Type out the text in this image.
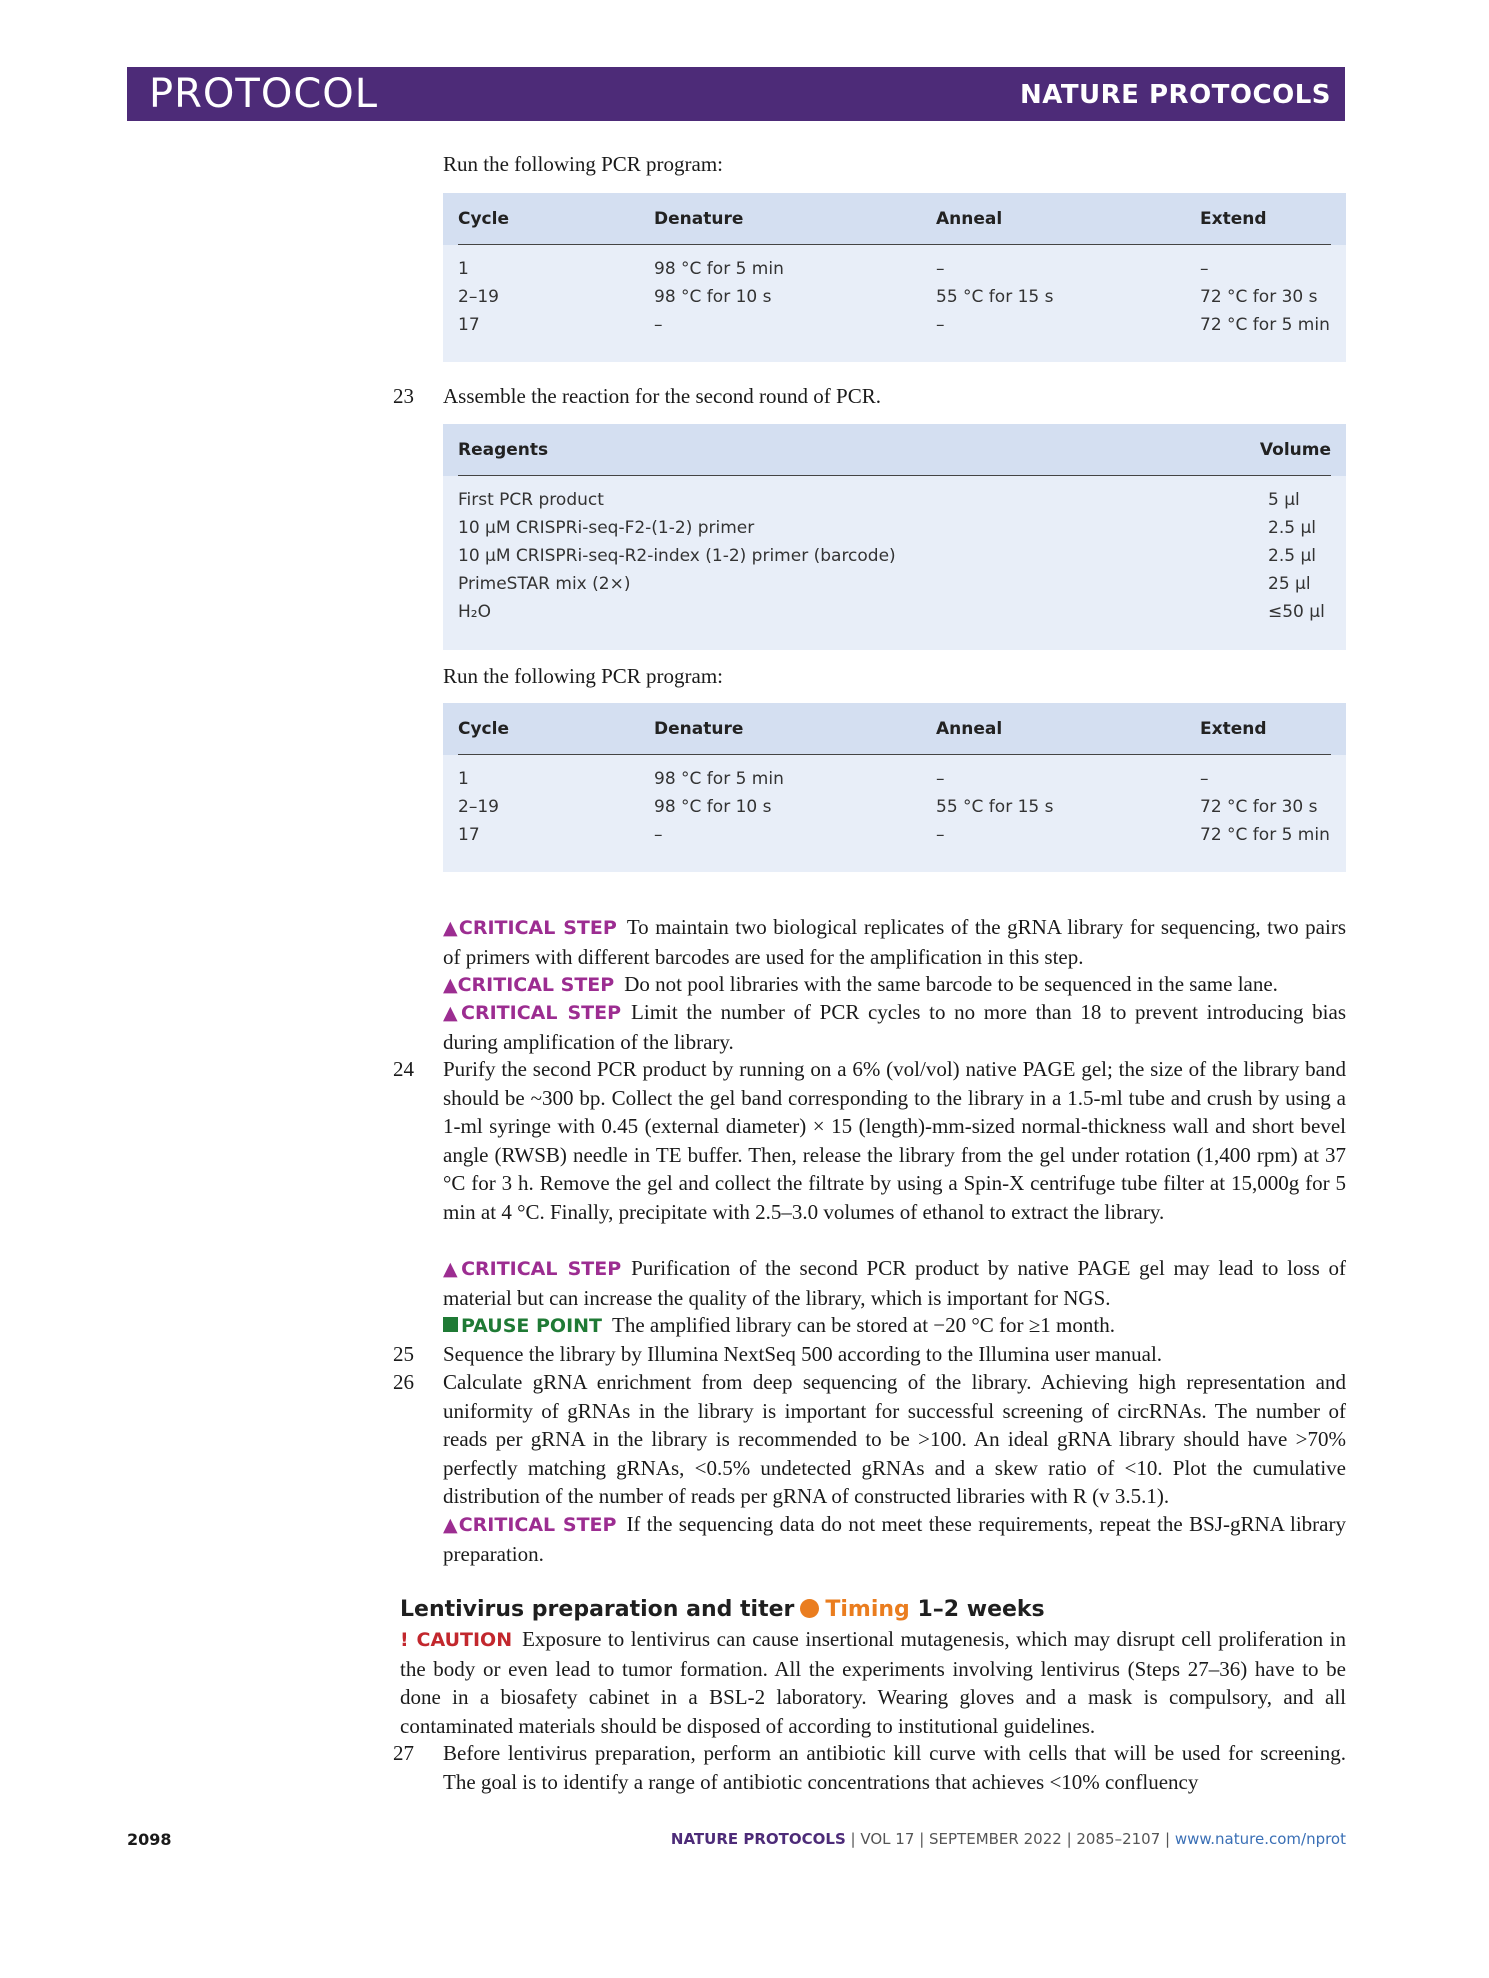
PROTOCOL	NATURE PROTOCOLS
Run the following PCR program:
Cycle	Denature	Anneal	Extend
1	98 °C for 5 min	–	–
2–19	98 °C for 10 s	55 °C for 15 s	72 °C for 30 s
17	–	–	72 °C for 5 min
23	Assemble the reaction for the second round of PCR.
Reagents	Volume
First PCR product	5 µl
10 µM CRISPRi-seq-F2-(1-2) primer	2.5 µl
10 µM CRISPRi-seq-R2-index (1-2) primer (barcode)	2.5 µl
PrimeSTAR mix (2×)	25 µl
H₂O	≤50 µl
Run the following PCR program:
Cycle	Denature	Anneal	Extend
1	98 °C for 5 min	–	–
2–19	98 °C for 10 s	55 °C for 15 s	72 °C for 30 s
17	–	–	72 °C for 5 min
▲CRITICAL STEP To maintain two biological replicates of the gRNA library for sequencing, two pairs of primers with different barcodes are used for the amplification in this step.
▲CRITICAL STEP Do not pool libraries with the same barcode to be sequenced in the same lane.
▲CRITICAL STEP Limit the number of PCR cycles to no more than 18 to prevent introducing bias during amplification of the library.
24	Purify the second PCR product by running on a 6% (vol/vol) native PAGE gel; the size of the library band should be ~300 bp. Collect the gel band corresponding to the library in a 1.5-ml tube and crush by using a 1-ml syringe with 0.45 (external diameter) × 15 (length)-mm-sized normal-thickness wall and short bevel angle (RWSB) needle in TE buffer. Then, release the library from the gel under rotation (1,400 rpm) at 37 °C for 3 h. Remove the gel and collect the filtrate by using a Spin-X centrifuge tube filter at 15,000g for 5 min at 4 °C. Finally, precipitate with 2.5–3.0 volumes of ethanol to extract the library.
▲CRITICAL STEP Purification of the second PCR product by native PAGE gel may lead to loss of material but can increase the quality of the library, which is important for NGS.
PAUSE POINT The amplified library can be stored at −20 °C for ≥1 month.
25	Sequence the library by Illumina NextSeq 500 according to the Illumina user manual.
26	Calculate gRNA enrichment from deep sequencing of the library. Achieving high representation and uniformity of gRNAs in the library is important for successful screening of circRNAs. The number of reads per gRNA in the library is recommended to be >100. An ideal gRNA library should have >70% perfectly matching gRNAs, <0.5% undetected gRNAs and a skew ratio of <10. Plot the cumulative distribution of the number of reads per gRNA of constructed libraries with R (v 3.5.1).
▲CRITICAL STEP If the sequencing data do not meet these requirements, repeat the BSJ-gRNA library preparation.
Lentivirus preparation and titer Timing 1–2 weeks
! CAUTION Exposure to lentivirus can cause insertional mutagenesis, which may disrupt cell proliferation in the body or even lead to tumor formation. All the experiments involving lentivirus (Steps 27–36) have to be done in a biosafety cabinet in a BSL-2 laboratory. Wearing gloves and a mask is compulsory, and all contaminated materials should be disposed of according to institutional guidelines.
27	Before lentivirus preparation, perform an antibiotic kill curve with cells that will be used for screening. The goal is to identify a range of antibiotic concentrations that achieves <10% confluency
2098	NATURE PROTOCOLS | VOL 17 | SEPTEMBER 2022 | 2085–2107 | www.nature.com/nprot
